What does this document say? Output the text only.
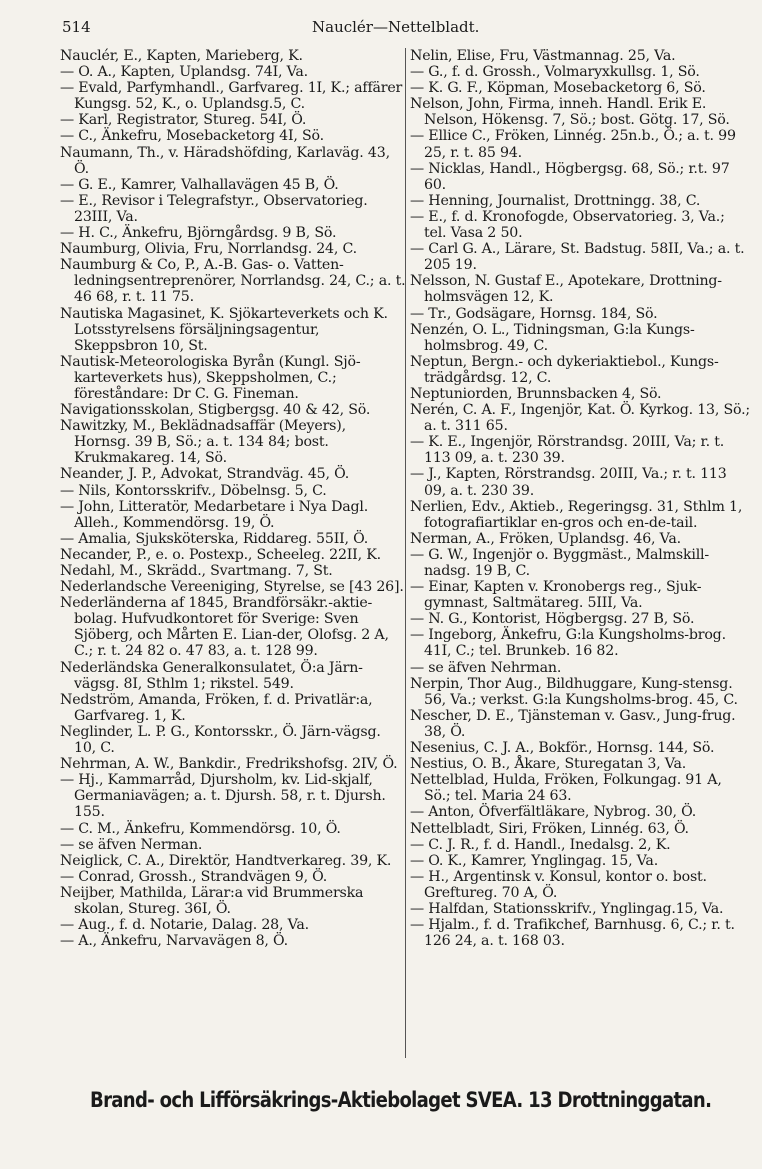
514	Nauclér—Nettelbladt.

Nauclér, E., Kapten, Marieberg, K.

— O. A., Kapten, Uplandsg. 74I, Va.

— Evald, Parfymhandl., Garfvareg. 1I, K.; affärer Kungsg. 52, K., o. Uplandsg.5, C.

— Karl, Registrator, Stureg. 54I, Ö.

— C., Änkefru, Mosebacketorg 4I, Sö.

Naumann, Th., v. Häradshöfding, Karlaväg. 43, Ö.

— G. E., Kamrer, Valhallavägen 45 B, Ö.

— E., Revisor i Telegrafstyr., Observatorieg. 23III, Va.

— H. C., Änkefru, Björngårdsg. 9 B, Sö.

Naumburg, Olivia, Fru, Norrlandsg. 24, C.

Naumburg & Co, P., A.-B. Gas- o. Vatten-ledningsentreprenörer, Norrlandsg. 24, C.; a. t. 46 68, r. t. 11 75.

Nautiska Magasinet, K. Sjökarteverkets och K. Lotsstyrelsens försäljningsagentur, Skeppsbron 10, St.

Nautisk-Meteorologiska Byrån (Kungl. Sjö-karteverkets hus), Skeppsholmen, C.; föreståndare: Dr C. G. Fineman.

Navigationsskolan, Stigbergsg. 40 & 42, Sö.

Nawitzky, M., Beklädnadsaffär (Meyers), Hornsg. 39 B, Sö.; a. t. 134 84; bost. Krukmakareg. 14, Sö.

Neander, J. P., Advokat, Strandväg. 45, Ö.

— Nils, Kontorsskrifv., Döbelnsg. 5, C.

— John, Litteratör, Medarbetare i Nya Dagl. Alleh., Kommendörsg. 19, Ö.

— Amalia, Sjuksköterska, Riddareg. 55II, Ö.

Necander, P., e. o. Postexp., Scheeleg. 22II, K.

Nedahl, M., Skrädd., Svartmang. 7, St.

Nederlandsche Vereeniging, Styrelse, se [43 26].

Nederländerna af 1845, Brandförsäkr.-aktie-bolag. Hufvudkontoret för Sverige: Sven Sjöberg, och Mårten E. Lian-der, Olofsg. 2 A, C.; r. t. 24 82 o. 47 83, a. t. 128 99.

Nederländska Generalkonsulatet, Ö:a Järn-vägsg. 8I, Sthlm 1; rikstel. 549.

Nedström, Amanda, Fröken, f. d. Privatlär:a, Garfvareg. 1, K.

Neglinder, L. P. G., Kontorsskr., Ö. Järn-vägsg. 10, C.

Nehrman, A. W., Bankdir., Fredrikshofsg. 2IV, Ö.

— Hj., Kammarråd, Djursholm, kv. Lid-skjalf, Germaniavägen; a. t. Djursh. 58, r. t. Djursh. 155.

— C. M., Änkefru, Kommendörsg. 10, Ö.

— se äfven Nerman.

Neiglick, C. A., Direktör, Handtverkareg. 39, K.

— Conrad, Grossh., Strandvägen 9, Ö.

Neijber, Mathilda, Lärar:a vid Brummerska skolan, Stureg. 36I, Ö.

— Aug., f. d. Notarie, Dalag. 28, Va.

— A., Änkefru, Narvavägen 8, Ö.

Nelin, Elise, Fru, Västmannag. 25, Va.

— G., f. d. Grossh., Volmaryxkullsg. 1, Sö.

— K. G. F., Köpman, Mosebacketorg 6, Sö.

Nelson, John, Firma, inneh. Handl. Erik E. Nelson, Hökensg. 7, Sö.; bost. Götg. 17, Sö.

— Ellice C., Fröken, Linnég. 25n.b., Ö.; a. t. 99 25, r. t. 85 94.

— Nicklas, Handl., Högbergsg. 68, Sö.; r.t. 97 60.

— Henning, Journalist, Drottningg. 38, C.

— E., f. d. Kronofogde, Observatorieg. 3, Va.; tel. Vasa 2 50.

— Carl G. A., Lärare, St. Badstug. 58II, Va.; a. t. 205 19.

Nelsson, N. Gustaf E., Apotekare, Drottning-holmsvägen 12, K.

— Tr., Godsägare, Hornsg. 184, Sö.

Nenzén, O. L., Tidningsman, G:la Kungs-holmsbrog. 49, C.

Neptun, Bergn.- och dykeriaktiebol., Kungs-trädgårdsg. 12, C.

Neptuniorden, Brunnsbacken 4, Sö.

Nerén, C. A. F., Ingenjör, Kat. Ö. Kyrkog. 13, Sö.; a. t. 311 65.

— K. E., Ingenjör, Rörstrandsg. 20III, Va; r. t. 113 09, a. t. 230 39.

— J., Kapten, Rörstrandsg. 20III, Va.; r. t. 113 09, a. t. 230 39.

Nerlien, Edv., Aktieb., Regeringsg. 31, Sthlm 1, fotografiartiklar en-gros och en-de-tail.

Nerman, A., Fröken, Uplandsg. 46, Va.

— G. W., Ingenjör o. Byggmäst., Malmskill-nadsg. 19 B, C.

— Einar, Kapten v. Kronobergs reg., Sjuk-gymnast, Saltmätareg. 5III, Va.

— N. G., Kontorist, Högbergsg. 27 B, Sö.

— Ingeborg, Änkefru, G:la Kungsholms-brog. 41I, C.; tel. Brunkeb. 16 82.

— se äfven Nehrman.

Nerpin, Thor Aug., Bildhuggare, Kung-stensg. 56, Va.; verkst. G:la Kungsholms-brog. 45, C.

Nescher, D. E., Tjänsteman v. Gasv., Jung-frug. 38, Ö.

Nesenius, C. J. A., Bokför., Hornsg. 144, Sö.

Nestius, O. B., Åkare, Sturegatan 3, Va.

Nettelblad, Hulda, Fröken, Folkungag. 91 A, Sö.; tel. Maria 24 63.

— Anton, Öfverfältläkare, Nybrog. 30, Ö.

Nettelbladt, Siri, Fröken, Linnég. 63, Ö.

— C. J. R., f. d. Handl., Inedalsg. 2, K.

— O. K., Kamrer, Ynglingag. 15, Va.

— H., Argentinsk v. Konsul, kontor o. bost. Greftureg. 70 A, Ö.

— Halfdan, Stationsskrifv., Ynglingag.15, Va.

— Hjalm., f. d. Trafikchef, Barnhusg. 6, C.; r. t. 126 24, a. t. 168 03.

Brand- och Lifförsäkrings-Aktiebolaget SVEA. 13 Drottninggatan.
